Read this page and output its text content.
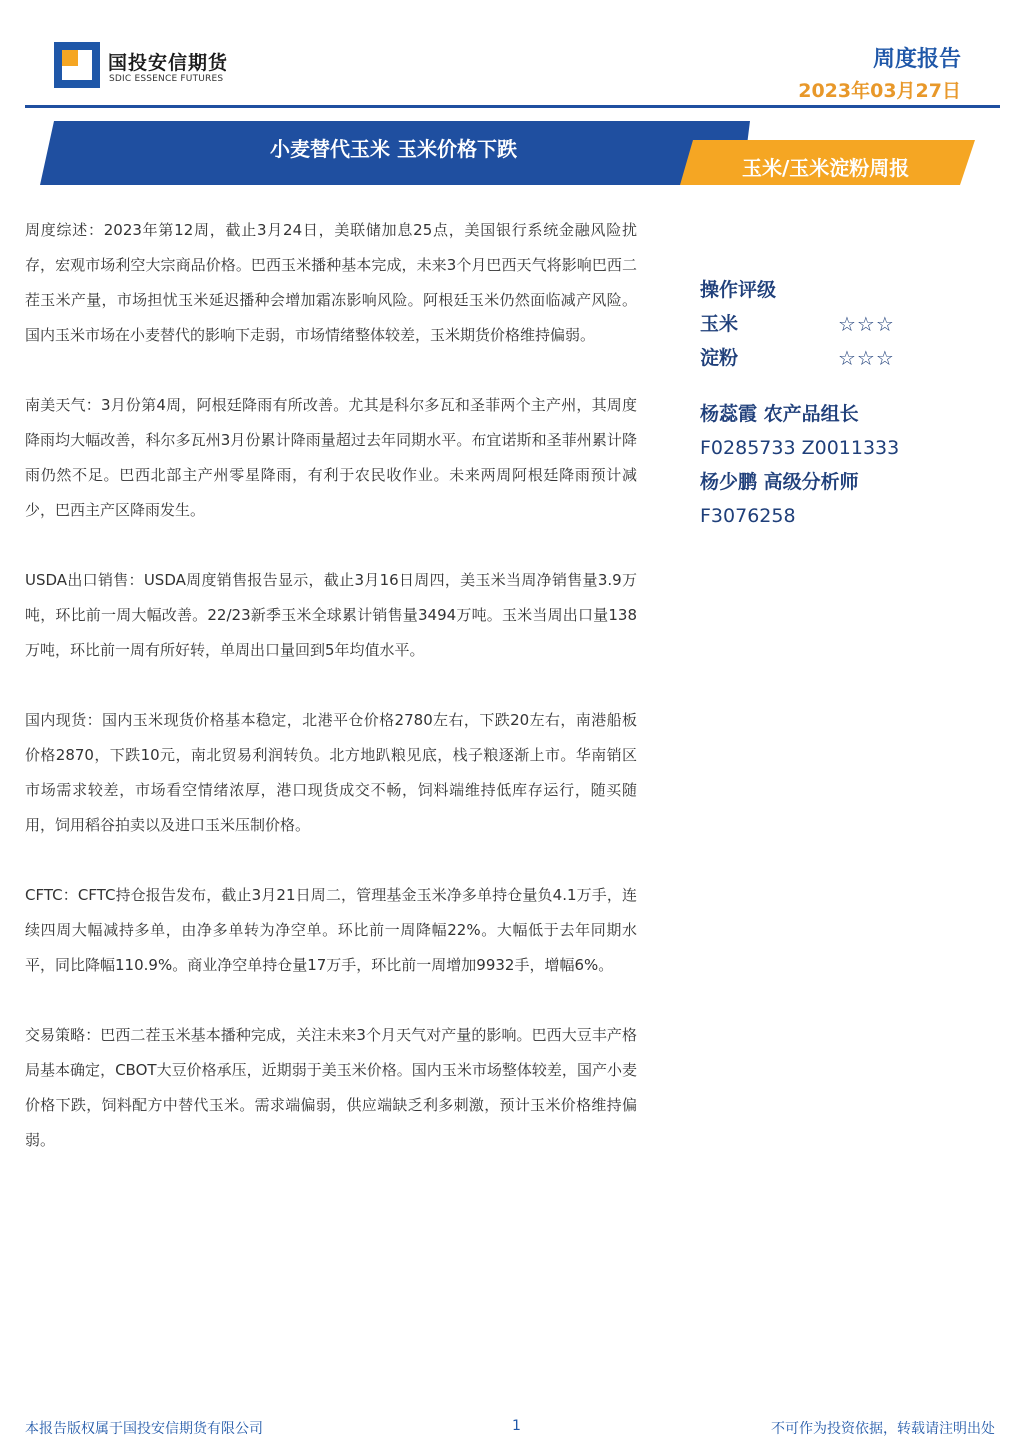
国投安信期货
SDIC ESSENCE FUTURES
周度报告
2023年03月27日
小麦替代玉米 玉米价格下跌
玉米/玉米淀粉周报

周度综述：2023年第12周，截止3月24日，美联储加息25点，美国银行系统金融风险扰存，宏观市场利空大宗商品价格。巴西玉米播种基本完成，未来3个月巴西天气将影响巴西二茬玉米产量，市场担忧玉米延迟播种会增加霜冻影响风险。阿根廷玉米仍然面临减产风险。国内玉米市场在小麦替代的影响下走弱，市场情绪整体较差，玉米期货价格维持偏弱。

南美天气：3月份第4周，阿根廷降雨有所改善。尤其是科尔多瓦和圣菲两个主产州，其周度降雨均大幅改善，科尔多瓦州3月份累计降雨量超过去年同期水平。布宜诺斯和圣菲州累计降雨仍然不足。巴西北部主产州零星降雨，有利于农民收作业。未来两周阿根廷降雨预计减少，巴西主产区降雨发生。

USDA出口销售：USDA周度销售报告显示，截止3月16日周四，美玉米当周净销售量3.9万吨，环比前一周大幅改善。22/23新季玉米全球累计销售量3494万吨。玉米当周出口量138万吨，环比前一周有所好转，单周出口量回到5年均值水平。

国内现货：国内玉米现货价格基本稳定，北港平仓价格2780左右，下跌20左右，南港船板价格2870，下跌10元，南北贸易利润转负。北方地趴粮见底，栈子粮逐渐上市。华南销区市场需求较差，市场看空情绪浓厚，港口现货成交不畅，饲料端维持低库存运行，随买随用，饲用稻谷拍卖以及进口玉米压制价格。

CFTC：CFTC持仓报告发布，截止3月21日周二，管理基金玉米净多单持仓量负4.1万手，连续四周大幅减持多单，由净多单转为净空单。环比前一周降幅22%。大幅低于去年同期水平，同比降幅110.9%。商业净空单持仓量17万手，环比前一周增加9932手，增幅6%。

交易策略：巴西二茬玉米基本播种完成，关注未来3个月天气对产量的影响。巴西大豆丰产格局基本确定，CBOT大豆价格承压，近期弱于美玉米价格。国内玉米市场整体较差，国产小麦价格下跌，饲料配方中替代玉米。需求端偏弱，供应端缺乏利多刺激，预计玉米价格维持偏弱。

操作评级
玉米	☆☆☆
淀粉	☆☆☆
杨蕊霞 农产品组长
F0285733 Z0011333
杨少鹏 高级分析师
F3076258
本报告版权属于国投安信期货有限公司	1	不可作为投资依据，转载请注明出处
